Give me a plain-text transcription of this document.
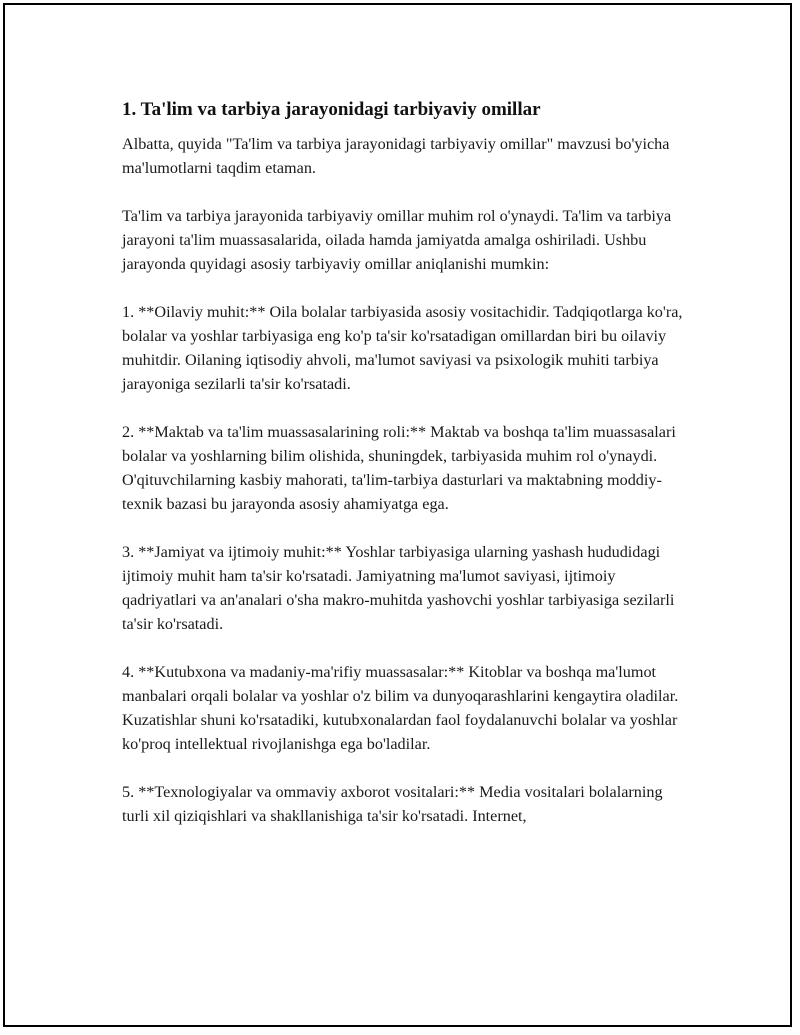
1. Ta'lim va tarbiya jarayonidagi tarbiyaviy omillar

Albatta, quyida "Ta'lim va tarbiya jarayonidagi tarbiyaviy omillar" mavzusi bo'yicha ma'lumotlarni taqdim etaman.

Ta'lim va tarbiya jarayonida tarbiyaviy omillar muhim rol o'ynaydi. Ta'lim va tarbiya jarayoni ta'lim muassasalarida, oilada hamda jamiyatda amalga oshiriladi. Ushbu jarayonda quyidagi asosiy tarbiyaviy omillar aniqlanishi mumkin:

1. **Oilaviy muhit:** Oila bolalar tarbiyasida asosiy vositachidir. Tadqiqotlarga ko'ra, bolalar va yoshlar tarbiyasiga eng ko'p ta'sir ko'rsatadigan omillardan biri bu oilaviy muhitdir. Oilaning iqtisodiy ahvoli, ma'lumot saviyasi va psixologik muhiti tarbiya jarayoniga sezilarli ta'sir ko'rsatadi.

2. **Maktab va ta'lim muassasalarining roli:** Maktab va boshqa ta'lim muassasalari bolalar va yoshlarning bilim olishida, shuningdek, tarbiyasida muhim rol o'ynaydi. O'qituvchilarning kasbiy mahorati, ta'lim-tarbiya dasturlari va maktabning moddiy-texnik bazasi bu jarayonda asosiy ahamiyatga ega.

3. **Jamiyat va ijtimoiy muhit:** Yoshlar tarbiyasiga ularning yashash hududidagi ijtimoiy muhit ham ta'sir ko'rsatadi. Jamiyatning ma'lumot saviyasi, ijtimoiy qadriyatlari va an'analari o'sha makro-muhitda yashovchi yoshlar tarbiyasiga sezilarli ta'sir ko'rsatadi.

4. **Kutubxona va madaniy-ma'rifiy muassasalar:** Kitoblar va boshqa ma'lumot manbalari orqali bolalar va yoshlar o'z bilim va dunyoqarashlarini kengaytira oladilar. Kuzatishlar shuni ko'rsatadiki, kutubxonalardan faol foydalanuvchi bolalar va yoshlar ko'proq intellektual rivojlanishga ega bo'ladilar.

5. **Texnologiyalar va ommaviy axborot vositalari:** Media vositalari bolalarning turli xil qiziqishlari va shakllanishiga ta'sir ko'rsatadi. Internet,
